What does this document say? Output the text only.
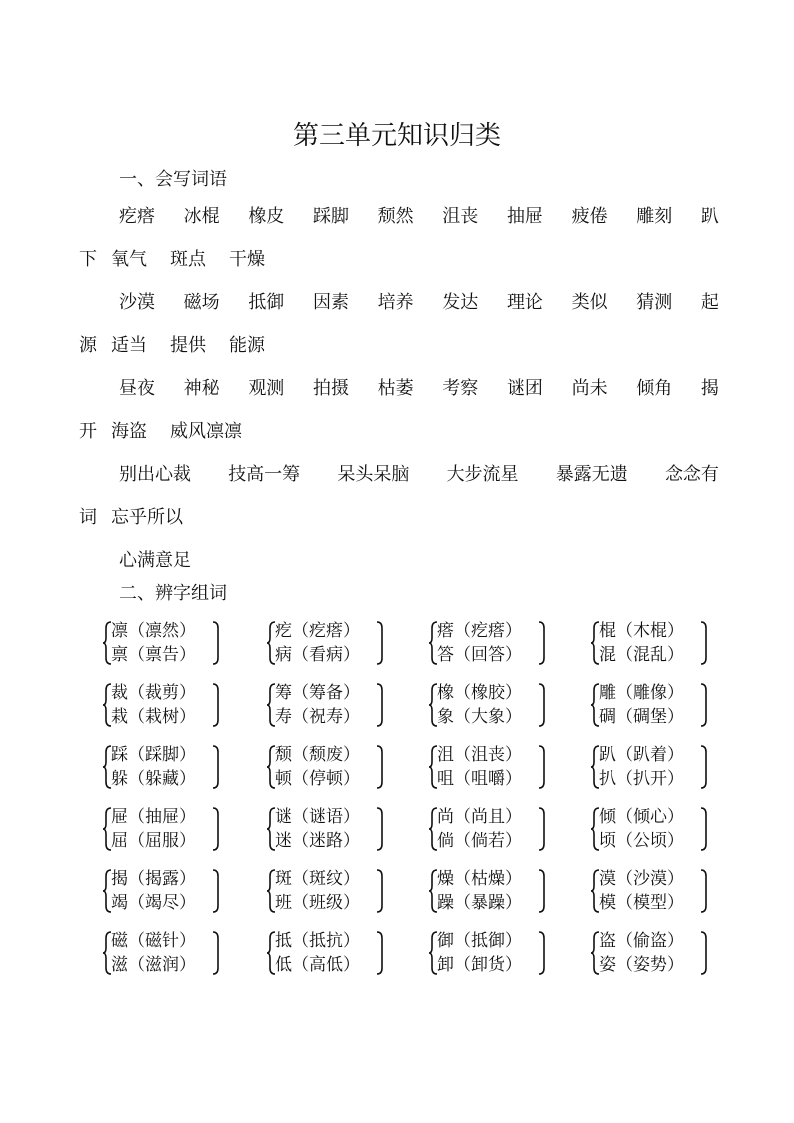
第三单元知识归类
一、会写词语
疙瘩 冰棍 橡皮 踩脚 颓然 沮丧 抽屉 疲倦 雕刻 趴
下 氧气 斑点 干燥
沙漠 磁场 抵御 因素 培养 发达 理论 类似 猜测 起
源 适当 提供 能源
昼夜 神秘 观测 拍摄 枯萎 考察 谜团 尚未 倾角 揭
开 海盗 威风凛凛
别出心裁 技高一筹 呆头呆脑 大步流星 暴露无遗 念念有
词 忘乎所以
心满意足
二、辨字组词
凛（凛然）
禀（禀告）
疙（疙瘩）
病（看病）
瘩（疙瘩）
答（回答）
棍（木棍）
混（混乱）
裁（裁剪）
栽（栽树）
筹（筹备）
寿（祝寿）
橡（橡胶）
象（大象）
雕（雕像）
碉（碉堡）
踩（踩脚）
躲（躲藏）
颓（颓废）
顿（停顿）
沮（沮丧）
咀（咀嚼）
趴（趴着）
扒（扒开）
屉（抽屉）
屈（屈服）
谜（谜语）
迷（迷路）
尚（尚且）
倘（倘若）
倾（倾心）
顷（公顷）
揭（揭露）
竭（竭尽）
斑（斑纹）
班（班级）
燥（枯燥）
躁（暴躁）
漠（沙漠）
模（模型）
磁（磁针）
滋（滋润）
抵（抵抗）
低（高低）
御（抵御）
卸（卸货）
盗（偷盗）
姿（姿势）
